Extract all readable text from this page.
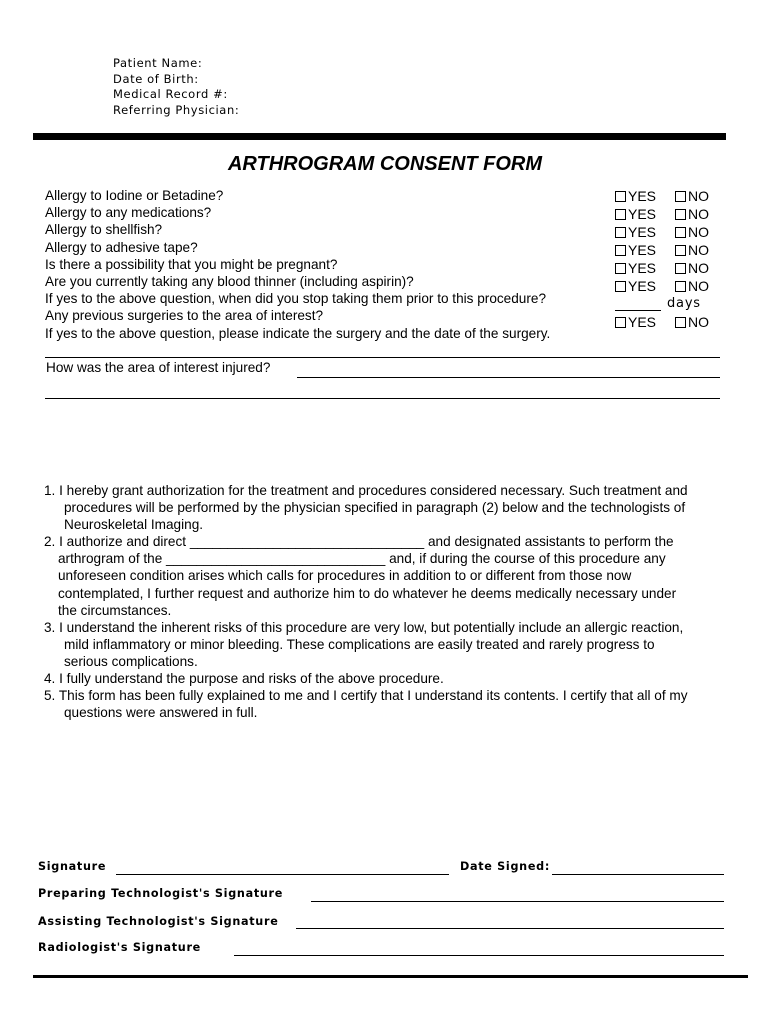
Patient Name:
Date of Birth:
Medical Record #:
Referring Physician:
ARTHROGRAM CONSENT FORM
Allergy to Iodine or Betadine?
Allergy to any medications?
Allergy to shellfish?
Allergy to adhesive tape?
Is there a possibility that you might be pregnant?
Are you currently taking any blood thinner (including aspirin)?
If yes to the above question, when did you stop taking them prior to this procedure?
Any previous surgeries to the area of interest?
If yes to the above question, please indicate the surgery and the date of the surgery.
YES NO
YES NO
YES NO
YES NO
YES NO
YES NO
days
YES NO
How was the area of interest injured?
1. I hereby grant authorization for the treatment and procedures considered necessary. Such treatment and
procedures will be performed by the physician specified in paragraph (2) below and the technologists of
Neuroskeletal Imaging.
2. I authorize and direct _______________________________ and designated assistants to perform the
arthrogram of the _____________________________ and, if during the course of this procedure any
unforeseen condition arises which calls for procedures in addition to or different from those now
contemplated, I further request and authorize him to do whatever he deems medically necessary under
the circumstances.
3. I understand the inherent risks of this procedure are very low, but potentially include an allergic reaction,
mild inflammatory or minor bleeding. These complications are easily treated and rarely progress to
serious complications.
4. I fully understand the purpose and risks of the above procedure.
5. This form has been fully explained to me and I certify that I understand its contents. I certify that all of my
questions were answered in full.
Signature	Date Signed:
Preparing Technologist's Signature
Assisting Technologist's Signature
Radiologist's Signature
